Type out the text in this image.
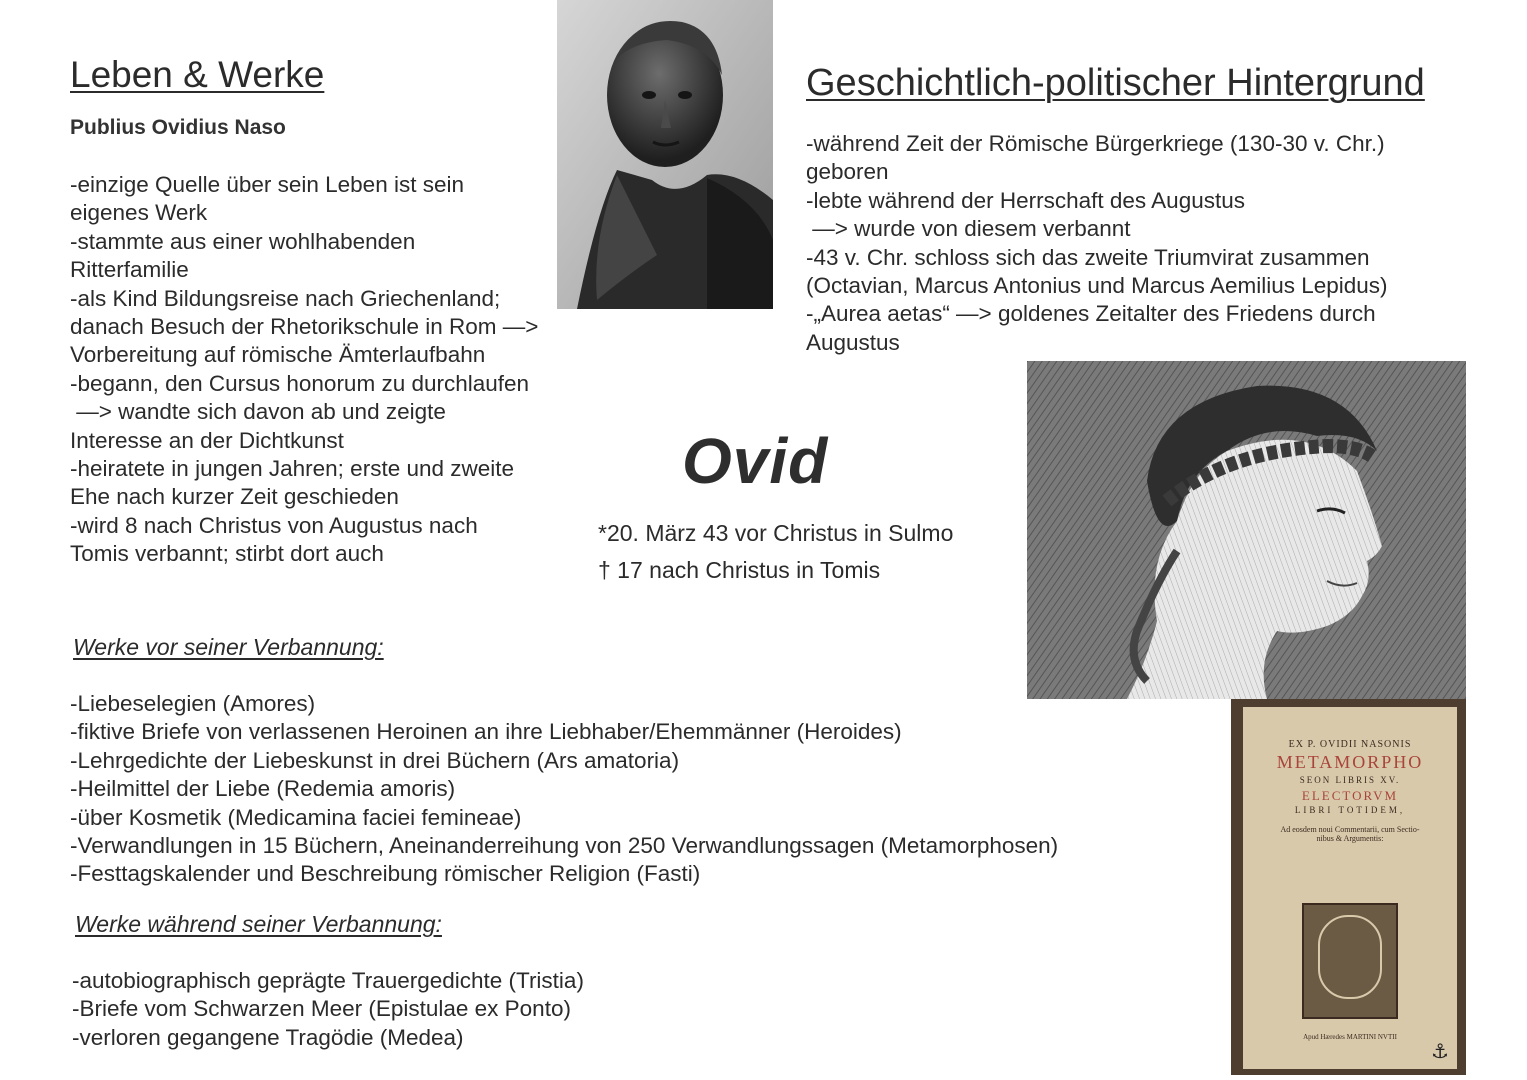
Leben & Werke
Publius Ovidius Naso
-einzige Quelle über sein Leben ist sein
eigenes Werk
-stammte aus einer wohlhabenden
Ritterfamilie
-als Kind Bildungsreise nach Griechenland;
danach Besuch der Rhetorikschule in Rom —>
Vorbereitung auf römische Ämterlaufbahn
-begann, den Cursus honorum zu durchlaufen
—> wandte sich davon ab und zeigte
Interesse an der Dichtkunst
-heiratete in jungen Jahren; erste und zweite
Ehe nach kurzer Zeit geschieden
-wird 8 nach Christus von Augustus nach
Tomis verbannt; stirbt dort auch
Geschichtlich-politischer Hintergrund
-während Zeit der Römische Bürgerkriege (130-30 v. Chr.)
geboren
-lebte während der Herrschaft des Augustus
—> wurde von diesem verbannt
-43 v. Chr. schloss sich das zweite Triumvirat zusammen
(Octavian, Marcus Antonius und Marcus Aemilius Lepidus)
-„Aurea aetas“ —> goldenes Zeitalter des Friedens durch
Augustus
Ovid
*20. März 43 vor Christus in Sulmo
† 17 nach Christus in Tomis
Werke vor seiner Verbannung:
-Liebeselegien (Amores)
-fiktive Briefe von verlassenen Heroinen an ihre Liebhaber/Ehemmänner (Heroides)
-Lehrgedichte der Liebeskunst in drei Büchern (Ars amatoria)
-Heilmittel der Liebe (Redemia amoris)
-über Kosmetik (Medicamina faciei femineae)
-Verwandlungen in 15 Büchern, Aneinanderreihung von 250 Verwandlungssagen (Metamorphosen)
-Festtagskalender und Beschreibung römischer Religion (Fasti)
Werke während seiner Verbannung:
-autobiographisch geprägte Trauergedichte (Tristia)
-Briefe vom Schwarzen Meer (Epistulae ex Ponto)
-verloren gegangene Tragödie (Medea)
EX P. OVIDII NASONIS
METAMORPHO
SEON LIBRIS XV.
ELECTORVM
LIBRI TOTIDEM,
Ad eosdem noui Commentarii, cum Sectio-
nibus & Argumentis:
Apud Hæredes MARTINI NVTII
⚓
